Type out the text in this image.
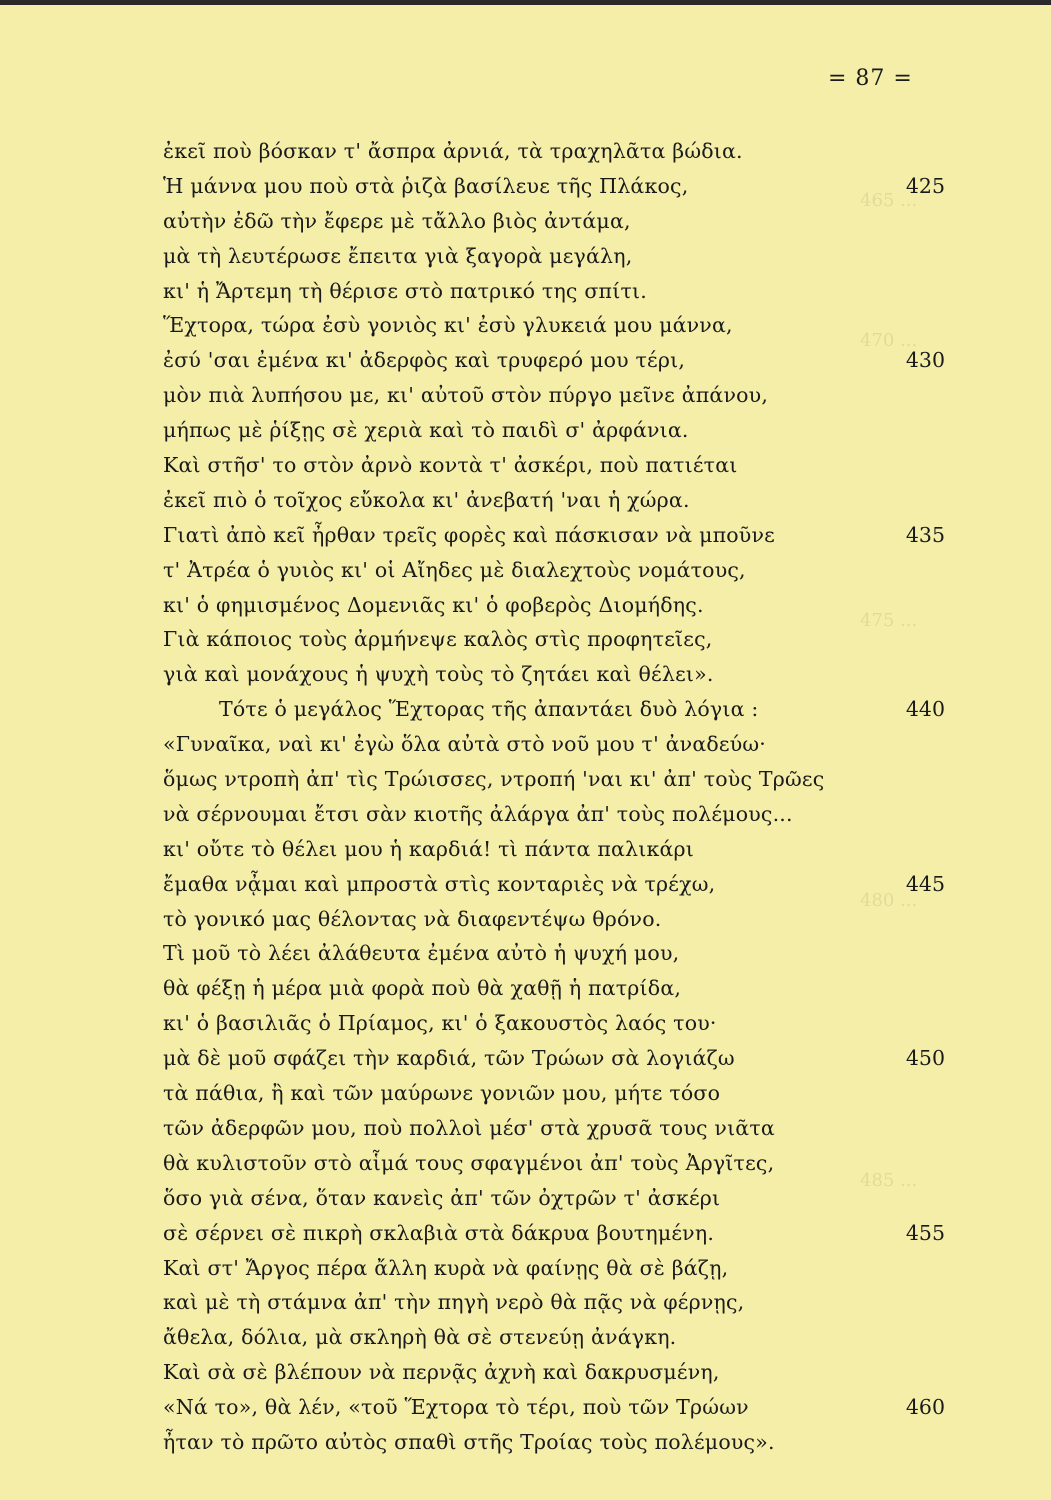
465 ...
470 ...
475 ...
480 ...
485 ...
= 87 =
ἐκεῖ ποὺ βόσκαν τ' ἄσπρα ἀρνιά, τὰ τραχηλᾶτα βώδια.
Ἡ μάννα μου ποὺ στὰ ῥιζὰ βασίλευε τῆς Πλάκος,	425
αὐτὴν ἐδῶ τὴν ἔφερε μὲ τἄλλο βιὸς ἀντάμα,
μὰ τὴ λευτέρωσε ἔπειτα γιὰ ξαγορὰ μεγάλη,
κι' ἡ Ἄρτεμη τὴ θέρισε στὸ πατρικό της σπίτι.
Ἕχτορα, τώρα ἐσὺ γονιὸς κι' ἐσὺ γλυκειά μου μάννα,
ἐσύ 'σαι ἐμένα κι' ἀδερφὸς καὶ τρυφερό μου τέρι,	430
μὸν πιὰ λυπήσου με, κι' αὐτοῦ στὸν πύργο μεῖνε ἀπάνου,
μήπως μὲ ῥίξῃς σὲ χεριὰ καὶ τὸ παιδὶ σ' ἀρφάνια.
Καὶ στῆσ' το στὸν ἀρνὸ κοντὰ τ' ἀσκέρι, ποὺ πατιέται
ἐκεῖ πιὸ ὁ τοῖχος εὔκολα κι' ἀνεβατή 'ναι ἡ χώρα.
Γιατὶ ἀπὸ κεῖ ἦρθαν τρεῖς φορὲς καὶ πάσκισαν νὰ μποῦνε	435
τ' Ἀτρέα ὁ γυιὸς κι' οἱ Αἴηδες μὲ διαλεχτοὺς νομάτους,
κι' ὁ φημισμένος Δομενιᾶς κι' ὁ φοβερὸς Διομήδης.
Γιὰ κάποιος τοὺς ἀρμήνεψε καλὸς στὶς προφητεῖες,
γιὰ καὶ μονάχους ἡ ψυχὴ τοὺς τὸ ζητάει καὶ θέλει».
Τότε ὁ μεγάλος Ἕχτορας τῆς ἀπαντάει δυὸ λόγια :	440
«Γυναῖκα, ναὶ κι' ἐγὼ ὅλα αὐτὰ στὸ νοῦ μου τ' ἀναδεύω·
ὅμως ντροπὴ ἀπ' τὶς Τρώισσες, ντροπή 'ναι κι' ἀπ' τοὺς Τρῶες
νὰ σέρνουμαι ἔτσι σὰν κιοτῆς ἀλάργα ἀπ' τοὺς πολέμους...
κι' οὔτε τὸ θέλει μου ἡ καρδιά! τὶ πάντα παλικάρι
ἔμαθα νᾆμαι καὶ μπροστὰ στὶς κονταριὲς νὰ τρέχω,	445
τὸ γονικό μας θέλοντας νὰ διαφεντέψω θρόνο.
Τὶ μοῦ τὸ λέει ἀλάθευτα ἐμένα αὐτὸ ἡ ψυχή μου,
θὰ φέξῃ ἡ μέρα μιὰ φορὰ ποὺ θὰ χαθῇ ἡ πατρίδα,
κι' ὁ βασιλιᾶς ὁ Πρίαμος, κι' ὁ ξακουστὸς λαός του·
μὰ δὲ μοῦ σφάζει τὴν καρδιά, τῶν Τρώων σὰ λογιάζω	450
τὰ πάθια, ἢ καὶ τῶν μαύρωνε γονιῶν μου, μήτε τόσο
τῶν ἀδερφῶν μου, ποὺ πολλοὶ μέσ' στὰ χρυσᾶ τους νιᾶτα
θὰ κυλιστοῦν στὸ αἷμά τους σφαγμένοι ἀπ' τοὺς Ἀργῖτες,
ὅσο γιὰ σένα, ὅταν κανεὶς ἀπ' τῶν ὀχτρῶν τ' ἀσκέρι
σὲ σέρνει σὲ πικρὴ σκλαβιὰ στὰ δάκρυα βουτημένη.	455
Καὶ στ' Ἄργος πέρα ἄλλη κυρὰ νὰ φαίνῃς θὰ σὲ βάζῃ,
καὶ μὲ τὴ στάμνα ἀπ' τὴν πηγὴ νερὸ θὰ πᾷς νὰ φέρνῃς,
ἄθελα, δόλια, μὰ σκληρὴ θὰ σὲ στενεύῃ ἀνάγκη.
Καὶ σὰ σὲ βλέπουν νὰ περνᾷς ἀχνὴ καὶ δακρυσμένη,
«Νά το», θὰ λέν, «τοῦ Ἕχτορα τὸ τέρι, ποὺ τῶν Τρώων	460
ἦταν τὸ πρῶτο αὐτὸς σπαθὶ στῆς Τροίας τοὺς πολέμους».
